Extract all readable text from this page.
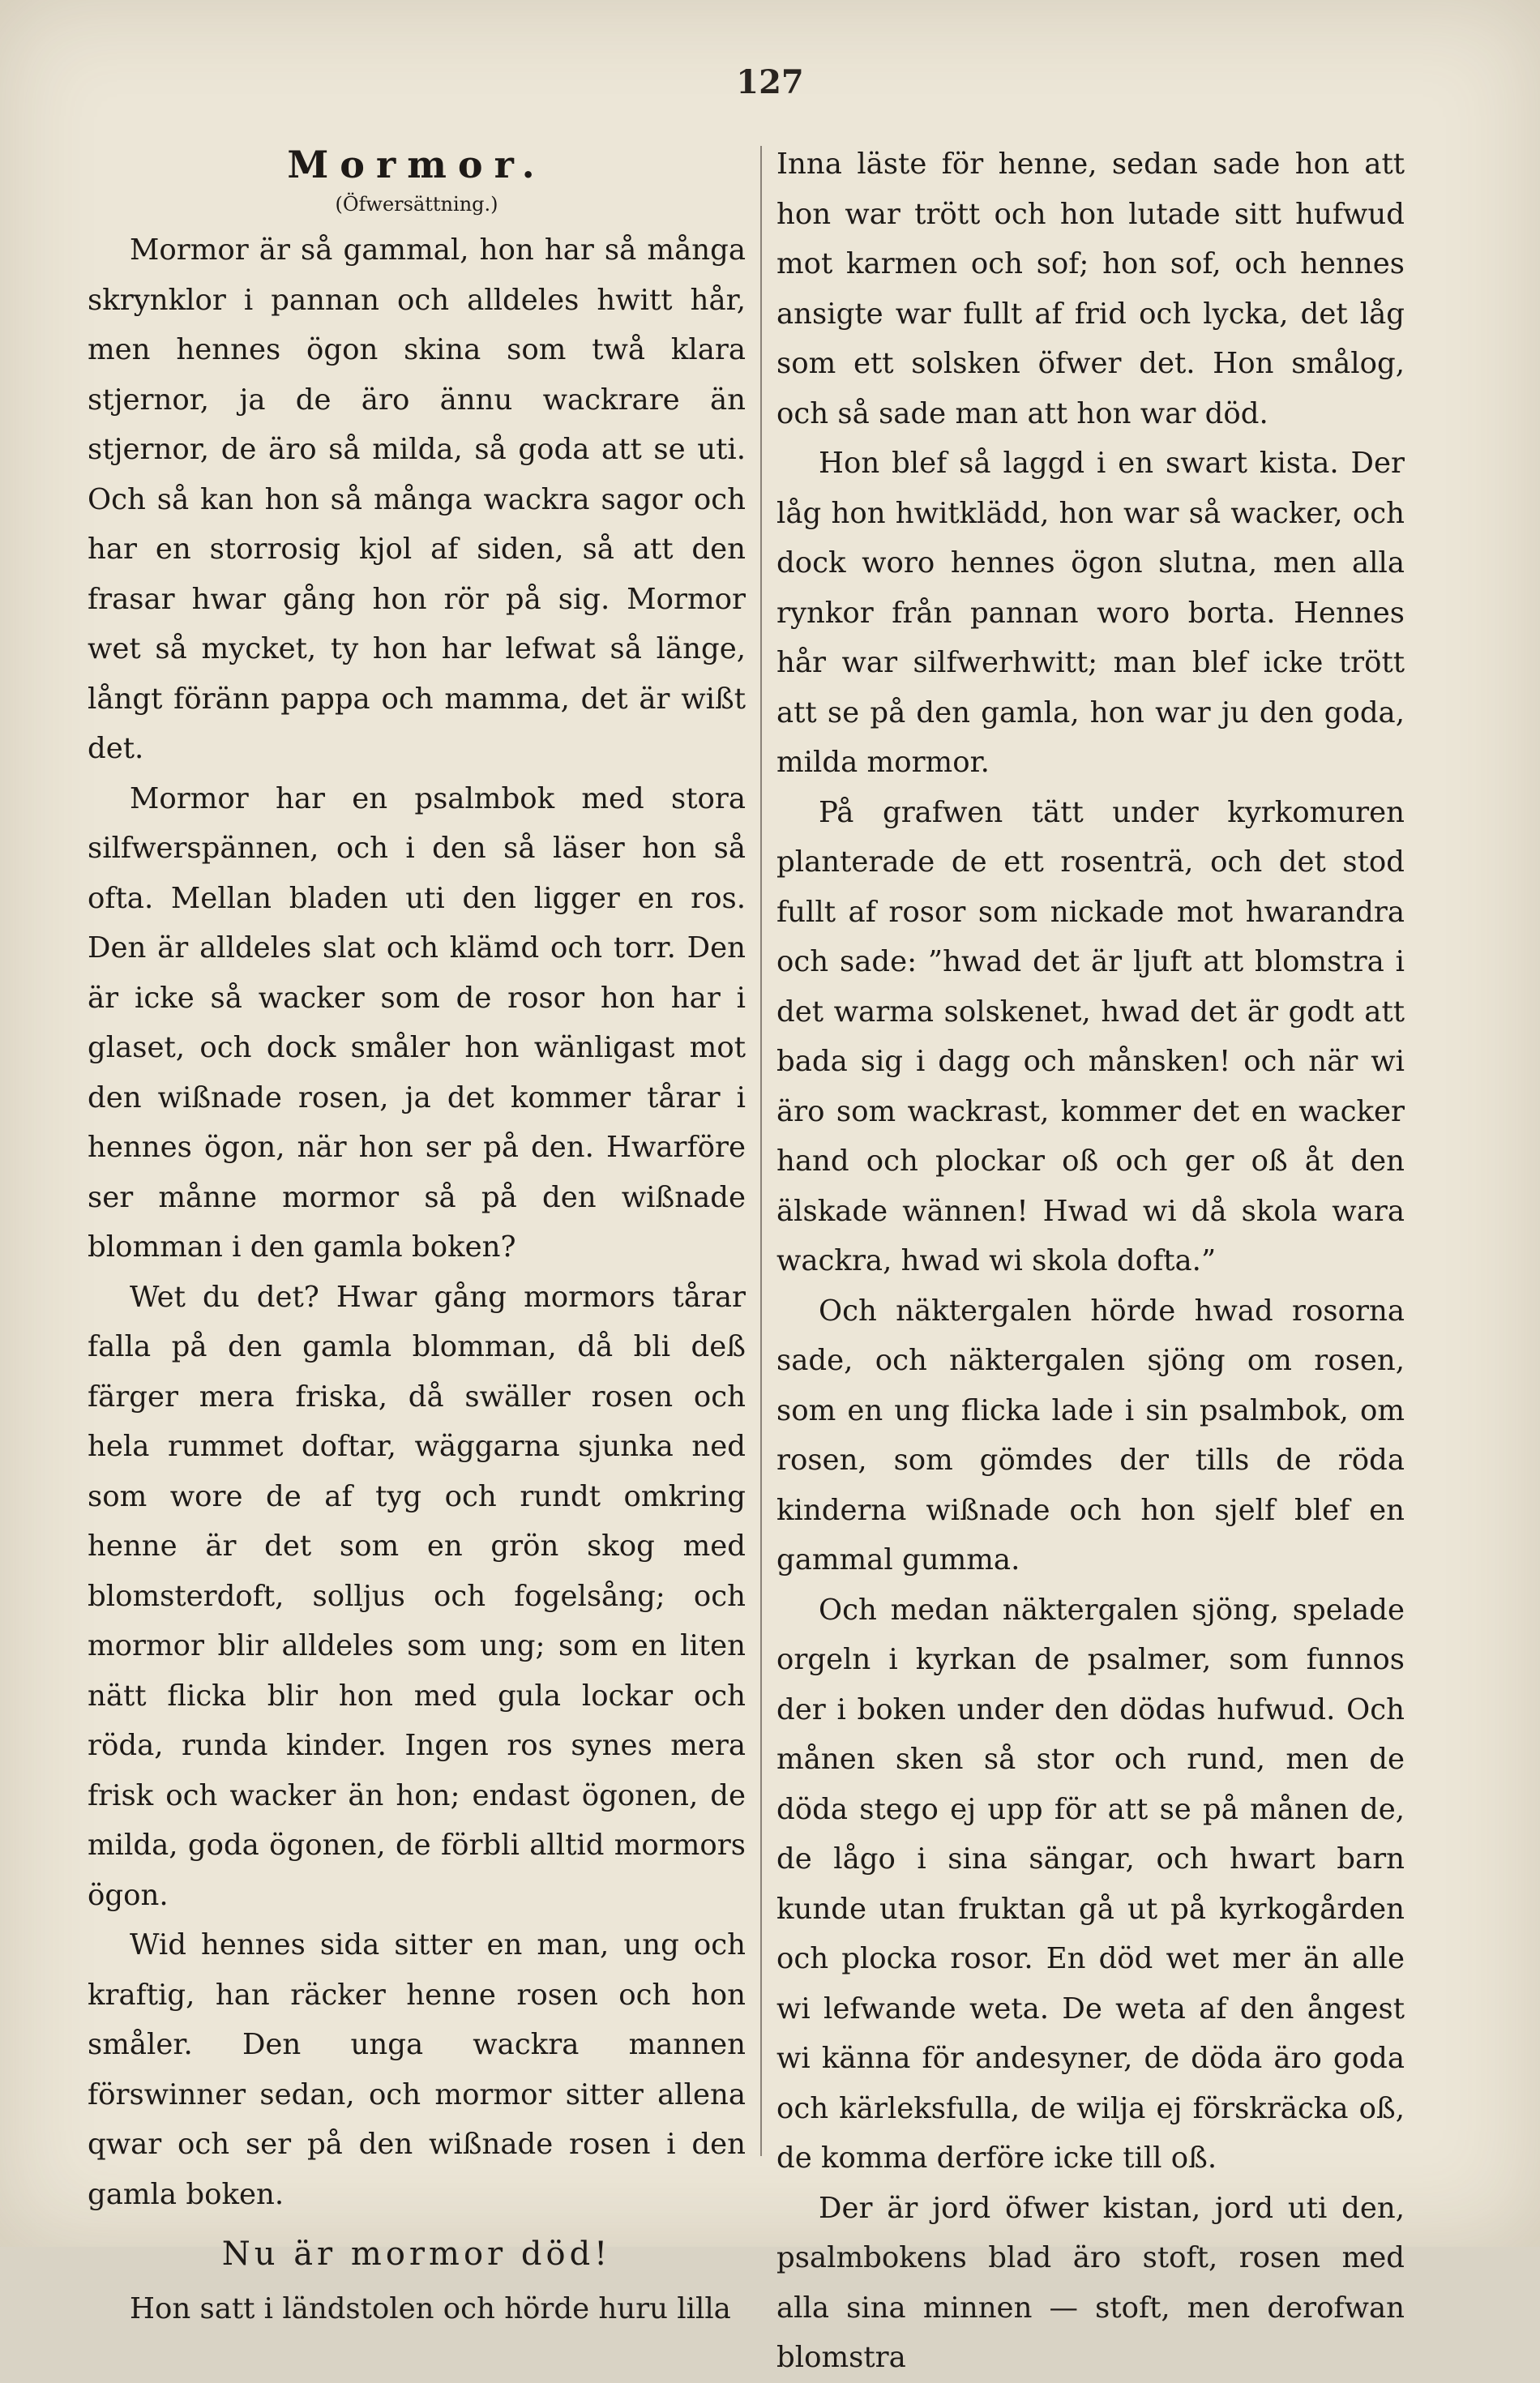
127
Mormor.
(Öfwersättning.)

Mormor är så gammal, hon har så många skrynklor i pannan och alldeles hwitt hår, men hennes ögon skina som twå klara stjernor, ja de äro ännu wackrare än stjernor, de äro så milda, så goda att se uti. Och så kan hon så många wackra sagor och har en storrosig kjol af siden, så att den frasar hwar gång hon rör på sig. Mormor wet så mycket, ty hon har lefwat så länge, långt föränn pappa och mamma, det är wißt det.

Mormor har en psalmbok med stora silfwerspännen, och i den så läser hon så ofta. Mellan bladen uti den ligger en ros. Den är alldeles slat och klämd och torr. Den är icke så wacker som de rosor hon har i glaset, och dock småler hon wänligast mot den wißnade rosen, ja det kommer tårar i hennes ögon, när hon ser på den. Hwarföre ser månne mormor så på den wißnade blomman i den gamla boken?

Wet du det? Hwar gång mormors tårar falla på den gamla blomman, då bli deß färger mera friska, då swäller rosen och hela rummet doftar, wäggarna sjunka ned som wore de af tyg och rundt omkring henne är det som en grön skog med blomsterdoft, solljus och fogelsång; och mormor blir alldeles som ung; som en liten nätt flicka blir hon med gula lockar och röda, runda kinder. Ingen ros synes mera frisk och wacker än hon; endast ögonen, de milda, goda ögonen, de förbli alltid mormors ögon.

Wid hennes sida sitter en man, ung och kraftig, han räcker henne rosen och hon småler. Den unga wackra mannen förswinner sedan, och mormor sitter allena qwar och ser på den wißnade rosen i den gamla boken.

Nu är mormor död!

Hon satt i ländstolen och hörde huru lilla

Inna läste för henne, sedan sade hon att hon war trött och hon lutade sitt hufwud mot karmen och sof; hon sof, och hennes ansigte war fullt af frid och lycka, det låg som ett solsken öfwer det. Hon smålog, och så sade man att hon war död.

Hon blef så laggd i en swart kista. Der låg hon hwitklädd, hon war så wacker, och dock woro hennes ögon slutna, men alla rynkor från pannan woro borta. Hennes hår war silfwerhwitt; man blef icke trött att se på den gamla, hon war ju den goda, milda mormor.

På grafwen tätt under kyrkomuren planterade de ett rosenträ, och det stod fullt af rosor som nickade mot hwarandra och sade: ”hwad det är ljuft att blomstra i det warma solskenet, hwad det är godt att bada sig i dagg och månsken! och när wi äro som wackrast, kommer det en wacker hand och plockar oß och ger oß åt den älskade wännen! Hwad wi då skola wara wackra, hwad wi skola dofta.”

Och näktergalen hörde hwad rosorna sade, och näktergalen sjöng om rosen, som en ung flicka lade i sin psalmbok, om rosen, som gömdes der tills de röda kinderna wißnade och hon sjelf blef en gammal gumma.

Och medan näktergalen sjöng, spelade orgeln i kyrkan de psalmer, som funnos der i boken under den dödas hufwud. Och månen sken så stor och rund, men de döda stego ej upp för att se på månen de, de lågo i sina sängar, och hwart barn kunde utan fruktan gå ut på kyrkogården och plocka rosor. En död wet mer än alle wi lefwande weta. De weta af den ångest wi känna för andesyner, de döda äro goda och kärleksfulla, de wilja ej förskräcka oß, de komma derföre icke till oß.

Der är jord öfwer kistan, jord uti den, psalmbokens blad äro stoft, rosen med alla sina minnen — stoft, men derofwan blomstra
